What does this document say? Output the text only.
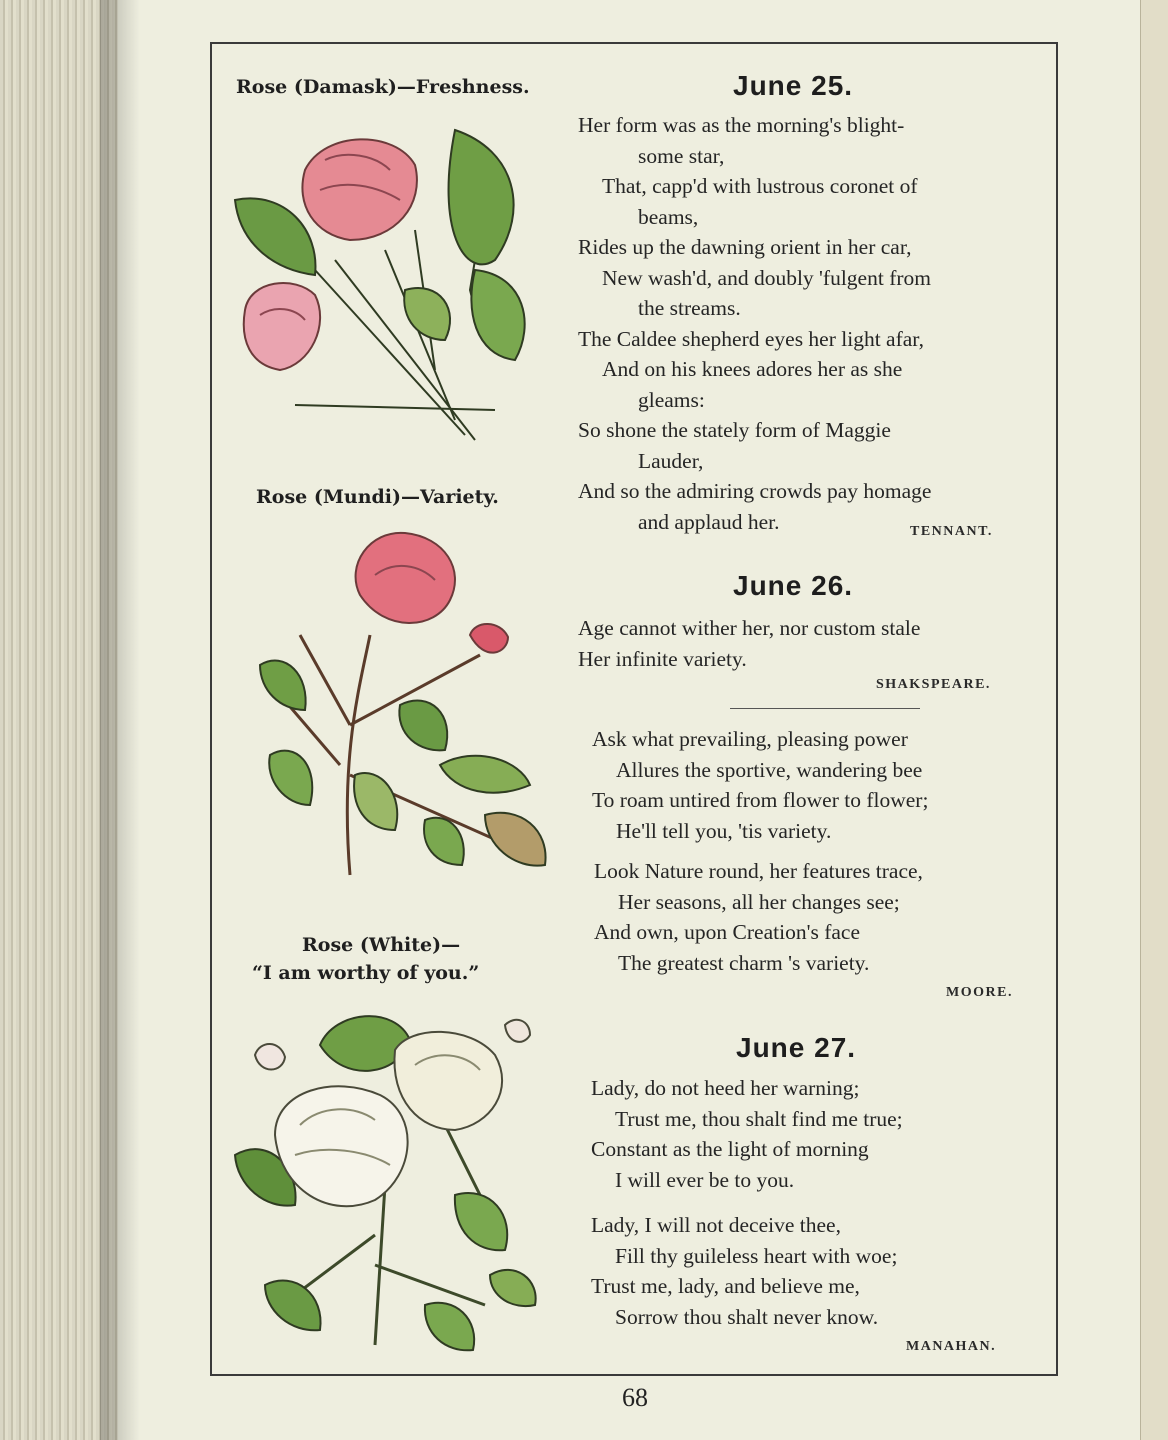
Rose (Damask)—Freshness.
Rose (Mundi)—Variety.
Rose (White)—
“I am worthy of you.”
June 25.
Her form was as the morning's blight-
some star,
That, capp'd with lustrous coronet of
beams,
Rides up the dawning orient in her car,
New wash'd, and doubly 'fulgent from
the streams.
The Caldee shepherd eyes her light afar,
And on his knees adores her as she
gleams:
So shone the stately form of Maggie
Lauder,
And so the admiring crowds pay homage
and applaud her.	TENNANT.
June 26.
Age cannot wither her, nor custom stale
Her infinite variety.
SHAKSPEARE.
Ask what prevailing, pleasing power
Allures the sportive, wandering bee
To roam untired from flower to flower;
He'll tell you, 'tis variety.
Look Nature round, her features trace,
Her seasons, all her changes see;
And own, upon Creation's face
The greatest charm 's variety.
MOORE.
June 27.
Lady, do not heed her warning;
Trust me, thou shalt find me true;
Constant as the light of morning
I will ever be to you.
Lady, I will not deceive thee,
Fill thy guileless heart with woe;
Trust me, lady, and believe me,
Sorrow thou shalt never know.
MANAHAN.
68
